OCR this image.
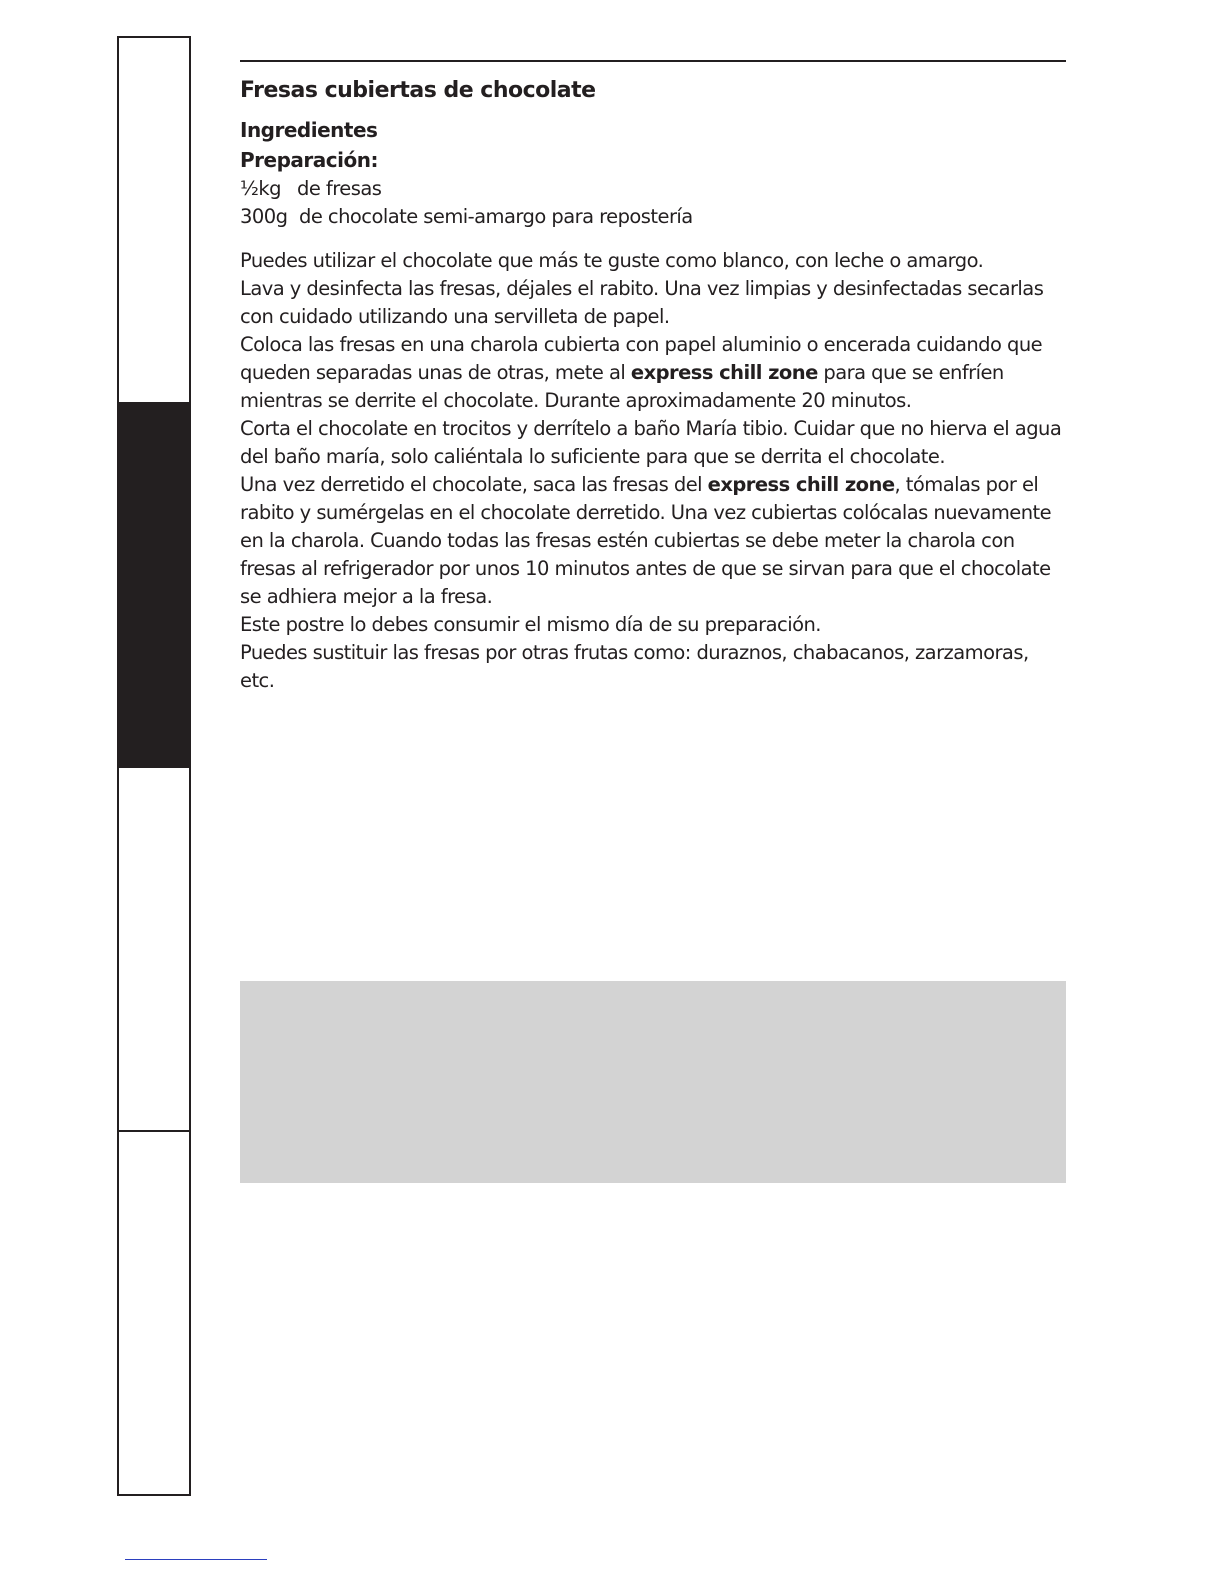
Fresas cubiertas de chocolate
Ingredientes
Preparación:
½kg de fresas
300g de chocolate semi-amargo para repostería

Puedes utilizar el chocolate que más te guste como blanco, con leche o amargo.

Lava y desinfecta las fresas, déjales el rabito. Una vez limpias y desinfectadas secarlas con cuidado utilizando una servilleta de papel.

Coloca las fresas en una charola cubierta con papel aluminio o encerada cuidando que queden separadas unas de otras, mete al express chill zone para que se enfríen mientras se derrite el chocolate. Durante aproximadamente 20 minutos.

Corta el chocolate en trocitos y derrítelo a baño María tibio. Cuidar que no hierva el agua del baño maría, solo caliéntala lo suficiente para que se derrita el chocolate.

Una vez derretido el chocolate, saca las fresas del express chill zone, tómalas por el rabito y sumérgelas en el chocolate derretido. Una vez cubiertas colócalas nuevamente en la charola. Cuando todas las fresas estén cubiertas se debe meter la charola con fresas al refrigerador por unos 10 minutos antes de que se sirvan para que el chocolate se adhiera mejor a la fresa.

Este postre lo debes consumir el mismo día de su preparación.

Puedes sustituir las fresas por otras frutas como: duraznos, chabacanos, zarzamoras, etc.
